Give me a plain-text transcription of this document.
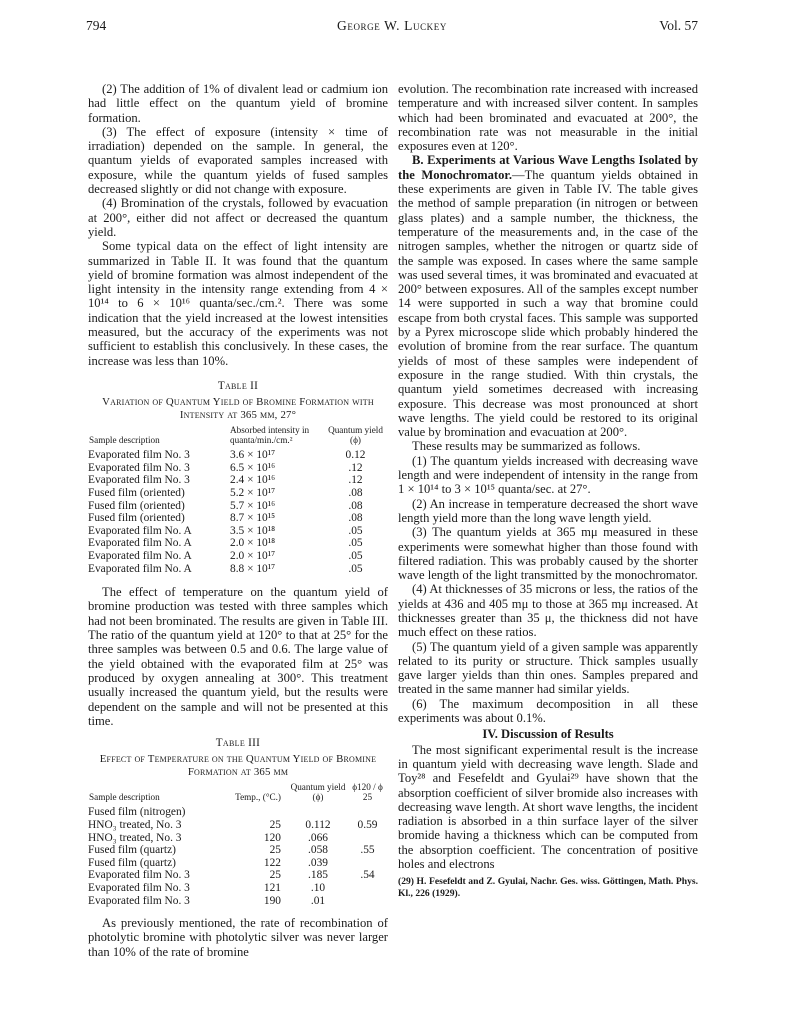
794	George W. Luckey	Vol. 57

(2) The addition of 1% of divalent lead or cadmium ion had little effect on the quantum yield of bromine formation.

(3) The effect of exposure (intensity × time of irradiation) depended on the sample. In general, the quantum yields of evaporated samples increased with exposure, while the quantum yields of fused samples decreased slightly or did not change with exposure.

(4) Bromination of the crystals, followed by evacuation at 200°, either did not affect or decreased the quantum yield.

Some typical data on the effect of light intensity are summarized in Table II. It was found that the quantum yield of bromine formation was almost independent of the light intensity in the intensity range extending from 4 × 10¹⁴ to 6 × 10¹⁶ quanta/sec./cm.². There was some indication that the yield increased at the lowest intensities measured, but the accuracy of the experiments was not sufficient to establish this conclusively. In these cases, the increase was less than 10%.

Table II
Variation of Quantum Yield of Bromine Formation with Intensity at 365 mμ, 27°
Sample description	Absorbed intensity in quanta/min./cm.²	Quantum yield (ϕ)
Evaporated film No. 3	3.6 × 10¹⁷	0.12
Evaporated film No. 3	6.5 × 10¹⁶	.12
Evaporated film No. 3	2.4 × 10¹⁶	.12
Fused film (oriented)	5.2 × 10¹⁷	.08
Fused film (oriented)	5.7 × 10¹⁶	.08
Fused film (oriented)	8.7 × 10¹⁵	.08
Evaporated film No. A	3.5 × 10¹⁸	.05
Evaporated film No. A	2.0 × 10¹⁸	.05
Evaporated film No. A	2.0 × 10¹⁷	.05
Evaporated film No. A	8.8 × 10¹⁷	.05

The effect of temperature on the quantum yield of bromine production was tested with three samples which had not been brominated. The results are given in Table III. The ratio of the quantum yield at 120° to that at 25° for the three samples was between 0.5 and 0.6. The large value of the yield obtained with the evaporated film at 25° was produced by oxygen annealing at 300°. This treatment usually increased the quantum yield, but the results were dependent on the sample and will not be presented at this time.

Table III
Effect of Temperature on the Quantum Yield of Bromine Formation at 365 mμ
Sample description	Temp., (°C.)	Quantum yield (ϕ)	ϕ120 / ϕ 25
Fused film (nitrogen)			
HNO₃ treated, No. 3	25	0.112	0.59
HNO₃ treated, No. 3	120	.066	
Fused film (quartz)	25	.058	.55
Fused film (quartz)	122	.039	
Evaporated film No. 3	25	.185	.54
Evaporated film No. 3	121	.10	
Evaporated film No. 3	190	.01	

As previously mentioned, the rate of recombination of photolytic bromine with photolytic silver was never larger than 10% of the rate of bromine

evolution. The recombination rate increased with increased temperature and with increased silver content. In samples which had been brominated and evacuated at 200°, the recombination rate was not measurable in the initial exposures even at 120°.

B. Experiments at Various Wave Lengths Isolated by the Monochromator.—The quantum yields obtained in these experiments are given in Table IV. The table gives the method of sample preparation (in nitrogen or between glass plates) and a sample number, the thickness, the temperature of the measurements and, in the case of the nitrogen samples, whether the nitrogen or quartz side of the sample was exposed. In cases where the same sample was used several times, it was brominated and evacuated at 200° between exposures. All of the samples except number 14 were supported in such a way that bromine could escape from both crystal faces. This sample was supported by a Pyrex microscope slide which probably hindered the evolution of bromine from the rear surface. The quantum yields of most of these samples were independent of exposure in the range studied. With thin crystals, the quantum yield sometimes decreased with increasing exposure. This decrease was most pronounced at short wave lengths. The yield could be restored to its original value by bromination and evacuation at 200°.

These results may be summarized as follows.

(1) The quantum yields increased with decreasing wave length and were independent of intensity in the range from 1 × 10¹⁴ to 3 × 10¹⁵ quanta/sec. at 27°.

(2) An increase in temperature decreased the short wave length yield more than the long wave length yield.

(3) The quantum yields at 365 mμ measured in these experiments were somewhat higher than those found with filtered radiation. This was probably caused by the shorter wave length of the light transmitted by the monochromator.

(4) At thicknesses of 35 microns or less, the ratios of the yields at 436 and 405 mμ to those at 365 mμ increased. At thicknesses greater than 35 μ, the thickness did not have much effect on these ratios.

(5) The quantum yield of a given sample was apparently related to its purity or structure. Thick samples usually gave larger yields than thin ones. Samples prepared and treated in the same manner had similar yields.

(6) The maximum decomposition in all these experiments was about 0.1%.

IV. Discussion of Results

The most significant experimental result is the increase in quantum yield with decreasing wave length. Slade and Toy²⁸ and Fesefeldt and Gyulai²⁹ have shown that the absorption coefficient of silver bromide also increases with decreasing wave length. At short wave lengths, the incident radiation is absorbed in a thin surface layer of the silver bromide having a thickness which can be computed from the absorption coefficient. The concentration of positive holes and electrons

(29) H. Fesefeldt and Z. Gyulai, Nachr. Ges. wiss. Göttingen, Math. Phys. Kl., 226 (1929).
